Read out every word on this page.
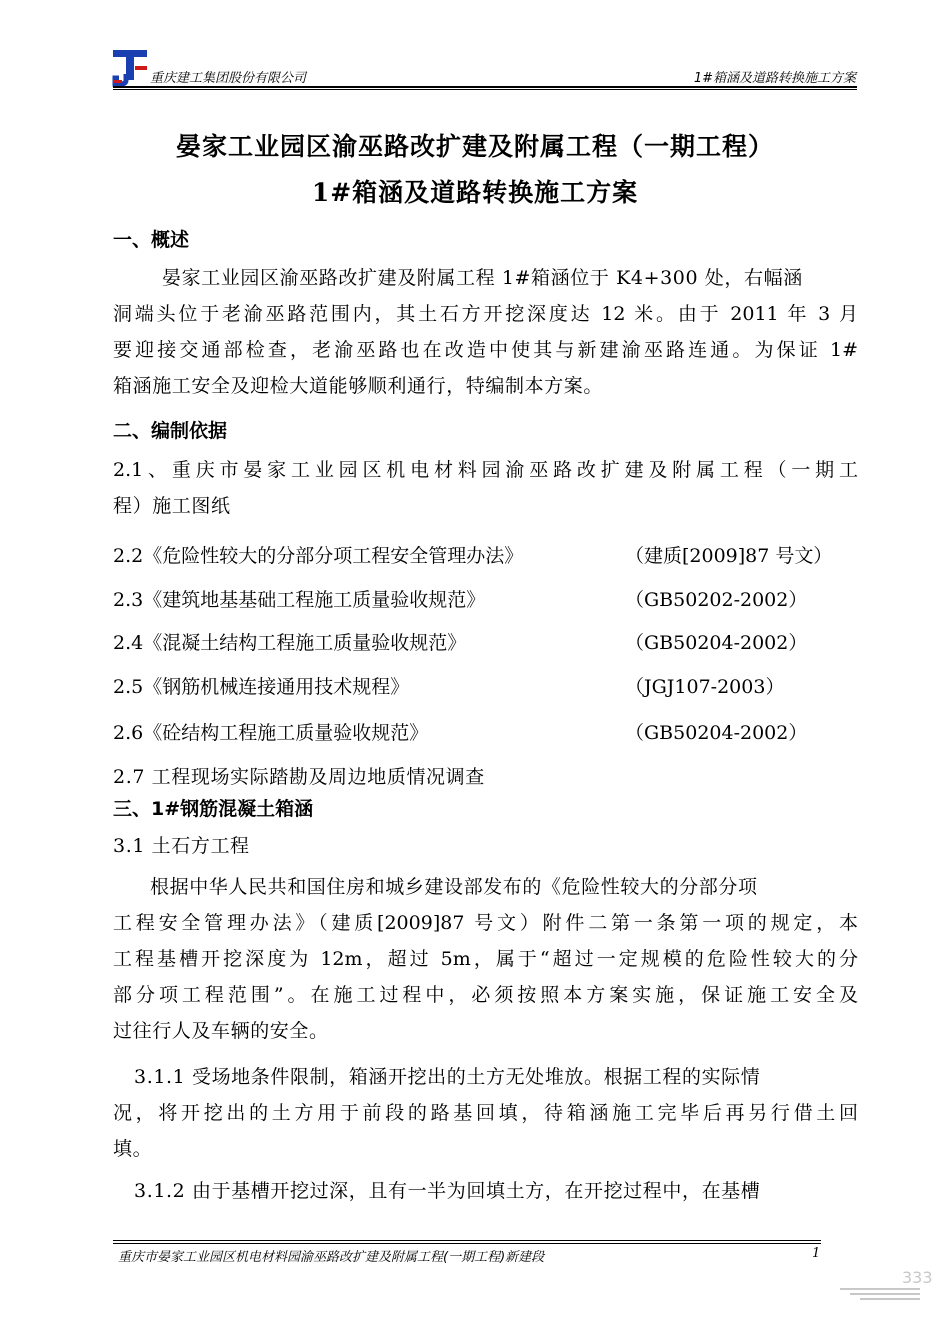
重庆建工集团股份有限公司	1#箱涵及道路转换施工方案
晏家工业园区渝巫路改扩建及附属工程（一期工程）
1#箱涵及道路转换施工方案
一、概述
晏家工业园区渝巫路改扩建及附属工程 1#箱涵位于 K4+300 处，右幅涵
洞端头位于老渝巫路范围内，其土石方开挖深度达 12 米。由于 2011 年 3 月
要迎接交通部检查，老渝巫路也在改造中使其与新建渝巫路连通。为保证 1#
箱涵施工安全及迎检大道能够顺利通行，特编制本方案。
二、编制依据
2.1、重庆市晏家工业园区机电材料园渝巫路改扩建及附属工程（一期工
程）施工图纸
2.2《危险性较大的分部分项工程安全管理办法》	（建质[2009]87 号文）
2.3《建筑地基基础工程施工质量验收规范》	（GB50202-2002）
2.4《混凝土结构工程施工质量验收规范》	（GB50204-2002）
2.5《钢筋机械连接通用技术规程》	（JGJ107-2003）
2.6《砼结构工程施工质量验收规范》	（GB50204-2002）
2.7 工程现场实际踏勘及周边地质情况调查
三、1#钢筋混凝土箱涵
3.1 土石方工程
根据中华人民共和国住房和城乡建设部发布的《危险性较大的分部分项
工程安全管理办法》（建质[2009]87 号文）附件二第一条第一项的规定，本
工程基槽开挖深度为 12m，超过 5m，属于“超过一定规模的危险性较大的分
部分项工程范围”。在施工过程中，必须按照本方案实施，保证施工安全及
过往行人及车辆的安全。
3.1.1 受场地条件限制，箱涵开挖出的土方无处堆放。根据工程的实际情
况，将开挖出的土方用于前段的路基回填，待箱涵施工完毕后再另行借土回
填。
3.1.2 由于基槽开挖过深，且有一半为回填土方，在开挖过程中，在基槽
重庆市晏家工业园区机电材料园渝巫路改扩建及附属工程(一期工程)新建段	1
333
